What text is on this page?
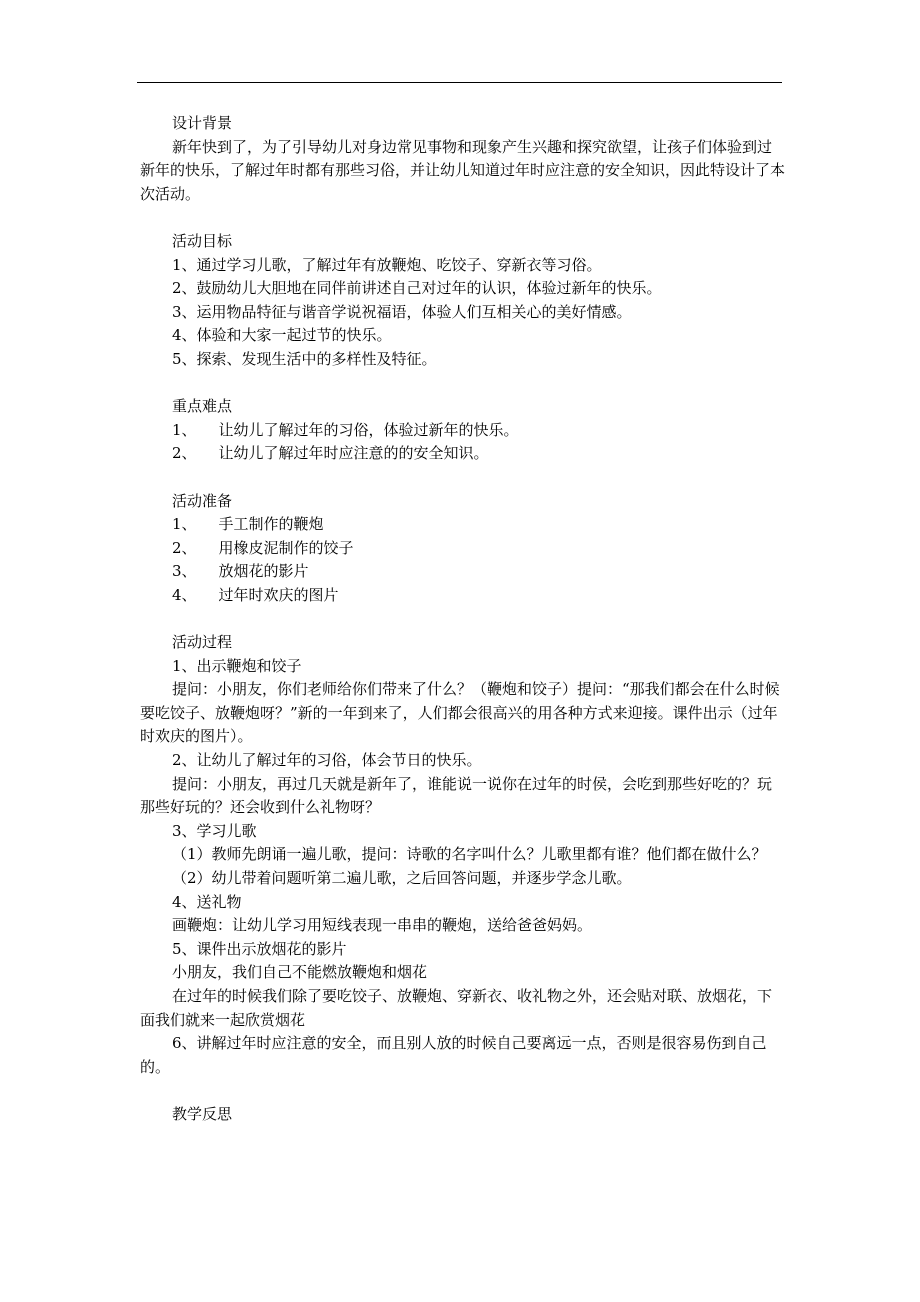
设计背景

新年快到了，为了引导幼儿对身边常见事物和现象产生兴趣和探究欲望，让孩子们体验到过新年的快乐，了解过年时都有那些习俗，并让幼儿知道过年时应注意的安全知识，因此特设计了本次活动。

活动目标

1、通过学习儿歌，了解过年有放鞭炮、吃饺子、穿新衣等习俗。

2、鼓励幼儿大胆地在同伴前讲述自己对过年的认识，体验过新年的快乐。

3、运用物品特征与谐音学说祝福语，体验人们互相关心的美好情感。

4、体验和大家一起过节的快乐。

5、探索、发现生活中的多样性及特征。

重点难点

1、 让幼儿了解过年的习俗，体验过新年的快乐。

2、 让幼儿了解过年时应注意的的安全知识。

活动准备

1、 手工制作的鞭炮

2、 用橡皮泥制作的饺子

3、 放烟花的影片

4、 过年时欢庆的图片

活动过程

1、出示鞭炮和饺子

提问：小朋友，你们老师给你们带来了什么？（鞭炮和饺子）提问：“那我们都会在什么时候要吃饺子、放鞭炮呀？”新的一年到来了，人们都会很高兴的用各种方式来迎接。课件出示（过年时欢庆的图片）。

2、让幼儿了解过年的习俗，体会节日的快乐。

提问：小朋友，再过几天就是新年了，谁能说一说你在过年的时侯，会吃到那些好吃的？玩那些好玩的？还会收到什么礼物呀？

3、学习儿歌

（1）教师先朗诵一遍儿歌，提问：诗歌的名字叫什么？儿歌里都有谁？他们都在做什么？

（2）幼儿带着问题听第二遍儿歌，之后回答问题，并逐步学念儿歌。

4、送礼物

画鞭炮：让幼儿学习用短线表现一串串的鞭炮，送给爸爸妈妈。

5、课件出示放烟花的影片

小朋友，我们自己不能燃放鞭炮和烟花

在过年的时候我们除了要吃饺子、放鞭炮、穿新衣、收礼物之外，还会贴对联、放烟花，下面我们就来一起欣赏烟花

6、讲解过年时应注意的安全，而且别人放的时候自己要离远一点，否则是很容易伤到自己的。

教学反思
